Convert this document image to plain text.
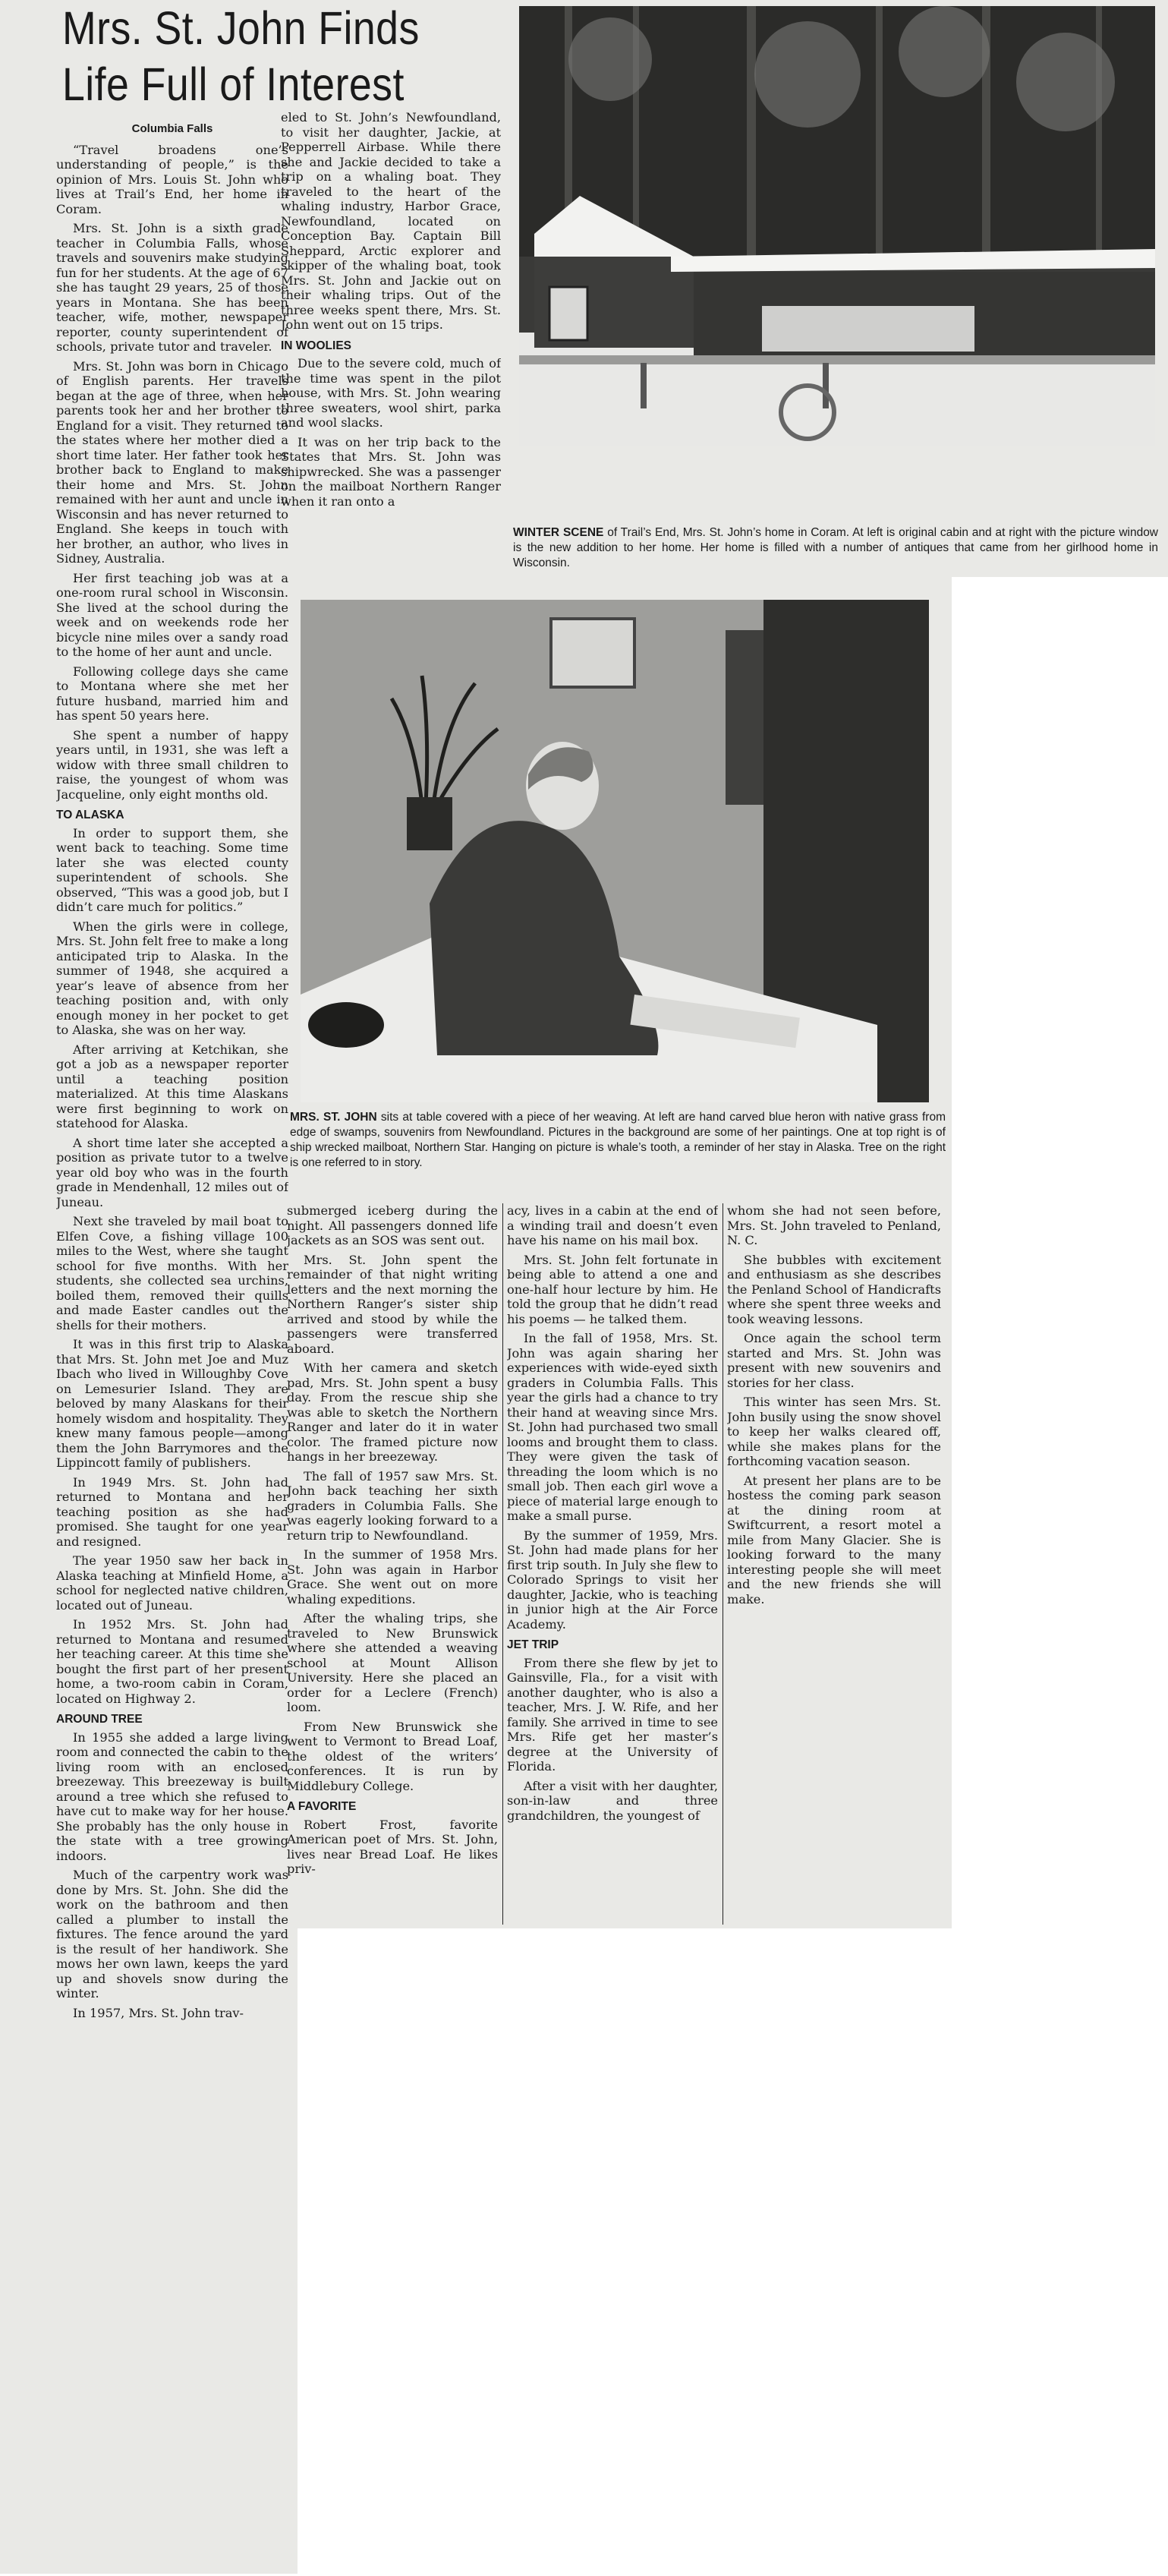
Mrs. St. John Finds Life Full of Interest

Columbia Falls

“Travel broadens one’s understanding of people,” is the opinion of Mrs. Louis St. John who lives at Trail’s End, her home in Coram.

Mrs. St. John is a sixth grade teacher in Columbia Falls, whose travels and souvenirs make studying fun for her students. At the age of 67 she has taught 29 years, 25 of those years in Montana. She has been teacher, wife, mother, newspaper reporter, county superintendent of schools, private tutor and traveler.

Mrs. St. John was born in Chicago of English parents. Her travels began at the age of three, when her parents took her and her brother to England for a visit. They returned to the states where her mother died a short time later. Her father took her brother back to England to make their home and Mrs. St. John remained with her aunt and uncle in Wisconsin and has never returned to England. She keeps in touch with her brother, an author, who lives in Sidney, Australia.

Her first teaching job was at a one-room rural school in Wisconsin. She lived at the school during the week and on weekends rode her bicycle nine miles over a sandy road to the home of her aunt and uncle.

Following college days she came to Montana where she met her future husband, married him and has spent 50 years here.

She spent a number of happy years until, in 1931, she was left a widow with three small children to raise, the youngest of whom was Jacqueline, only eight months old.

TO ALASKA

In order to support them, she went back to teaching. Some time later she was elected county superintendent of schools. She observed, “This was a good job, but I didn’t care much for politics.”

When the girls were in college, Mrs. St. John felt free to make a long anticipated trip to Alaska. In the summer of 1948, she acquired a year’s leave of absence from her teaching position and, with only enough money in her pocket to get to Alaska, she was on her way.

After arriving at Ketchikan, she got a job as a newspaper reporter until a teaching position materialized. At this time Alaskans were first beginning to work on statehood for Alaska.

A short time later she accepted a position as private tutor to a twelve year old boy who was in the fourth grade in Mendenhall, 12 miles out of Juneau.

Next she traveled by mail boat to Elfen Cove, a fishing village 100 miles to the West, where she taught school for five months. With her students, she collected sea urchins, boiled them, removed their quills and made Easter candles out the shells for their mothers.

It was in this first trip to Alaska that Mrs. St. John met Joe and Muz Ibach who lived in Willoughby Cove on Lemesurier Island. They are beloved by many Alaskans for their homely wisdom and hospitality. They knew many famous people—among them the John Barrymores and the Lippincott family of publishers.

In 1949 Mrs. St. John had returned to Montana and her teaching position as she had promised. She taught for one year and resigned.

The year 1950 saw her back in Alaska teaching at Minfield Home, a school for neglected native children, located out of Juneau.

In 1952 Mrs. St. John had returned to Montana and resumed her teaching career. At this time she bought the first part of her present home, a two-room cabin in Coram, located on Highway 2.

AROUND TREE

In 1955 she added a large living room and connected the cabin to the living room with an enclosed breezeway. This breezeway is built around a tree which she refused to have cut to make way for her house. She probably has the only house in the state with a tree growing indoors.

Much of the carpentry work was done by Mrs. St. John. She did the work on the bathroom and then called a plumber to install the fixtures. The fence around the yard is the result of her handiwork. She mows her own lawn, keeps the yard up and shovels snow during the winter.

In 1957, Mrs. St. John trav-

eled to St. John’s Newfoundland, to visit her daughter, Jackie, at Pepperrell Airbase. While there she and Jackie decided to take a trip on a whaling boat. They traveled to the heart of the whaling industry, Harbor Grace, Newfoundland, located on Conception Bay. Captain Bill Sheppard, Arctic explorer and skipper of the whaling boat, took Mrs. St. John and Jackie out on their whaling trips. Out of the three weeks spent there, Mrs. St. John went out on 15 trips.

IN WOOLIES

Due to the severe cold, much of the time was spent in the pilot house, with Mrs. St. John wearing three sweaters, wool shirt, parka and wool slacks.

It was on her trip back to the States that Mrs. St. John was shipwrecked. She was a passenger on the mailboat Northern Ranger when it ran onto a

WINTER SCENE of Trail’s End, Mrs. St. John’s home in Coram. At left is original cabin and at right with the picture window is the new addition to her home. Her home is filled with a number of antiques that came from her girlhood home in Wisconsin.
MRS. ST. JOHN sits at table covered with a piece of her weaving. At left are hand carved blue heron with native grass from edge of swamps, souvenirs from Newfoundland. Pictures in the background are some of her paintings. One at top right is of ship wrecked mailboat, Northern Star. Hanging on picture is whale’s tooth, a reminder of her stay in Alaska. Tree on the right is one referred to in story.

submerged iceberg during the night. All passengers donned life jackets as an SOS was sent out.

Mrs. St. John spent the remainder of that night writing letters and the next morning the Northern Ranger’s sister ship arrived and stood by while the passengers were transferred aboard.

With her camera and sketch pad, Mrs. St. John spent a busy day. From the rescue ship she was able to sketch the Northern Ranger and later do it in water color. The framed picture now hangs in her breezeway.

The fall of 1957 saw Mrs. St. John back teaching her sixth graders in Columbia Falls. She was eagerly looking forward to a return trip to Newfoundland.

In the summer of 1958 Mrs. St. John was again in Harbor Grace. She went out on more whaling expeditions.

After the whaling trips, she traveled to New Brunswick where she attended a weaving school at Mount Allison University. Here she placed an order for a Leclere (French) loom.

From New Brunswick she went to Vermont to Bread Loaf, the oldest of the writers’ conferences. It is run by Middlebury College.

A FAVORITE

Robert Frost, favorite American poet of Mrs. St. John, lives near Bread Loaf. He likes priv-

acy, lives in a cabin at the end of a winding trail and doesn’t even have his name on his mail box.

Mrs. St. John felt fortunate in being able to attend a one and one-half hour lecture by him. He told the group that he didn’t read his poems — he talked them.

In the fall of 1958, Mrs. St. John was again sharing her experiences with wide-eyed sixth graders in Columbia Falls. This year the girls had a chance to try their hand at weaving since Mrs. St. John had purchased two small looms and brought them to class. They were given the task of threading the loom which is no small job. Then each girl wove a piece of material large enough to make a small purse.

By the summer of 1959, Mrs. St. John had made plans for her first trip south. In July she flew to Colorado Springs to visit her daughter, Jackie, who is teaching in junior high at the Air Force Academy.

JET TRIP

From there she flew by jet to Gainsville, Fla., for a visit with another daughter, who is also a teacher, Mrs. J. W. Rife, and her family. She arrived in time to see Mrs. Rife get her master’s degree at the University of Florida.

After a visit with her daughter, son-in-law and three grandchildren, the youngest of

whom she had not seen before, Mrs. St. John traveled to Penland, N. C.

She bubbles with excitement and enthusiasm as she describes the Penland School of Handicrafts where she spent three weeks and took weaving lessons.

Once again the school term started and Mrs. St. John was present with new souvenirs and stories for her class.

This winter has seen Mrs. St. John busily using the snow shovel to keep her walks cleared off, while she makes plans for the forthcoming vacation season.

At present her plans are to be hostess the coming park season at the dining room at Swiftcurrent, a resort motel a mile from Many Glacier. She is looking forward to the many interesting people she will meet and the new friends she will make.
